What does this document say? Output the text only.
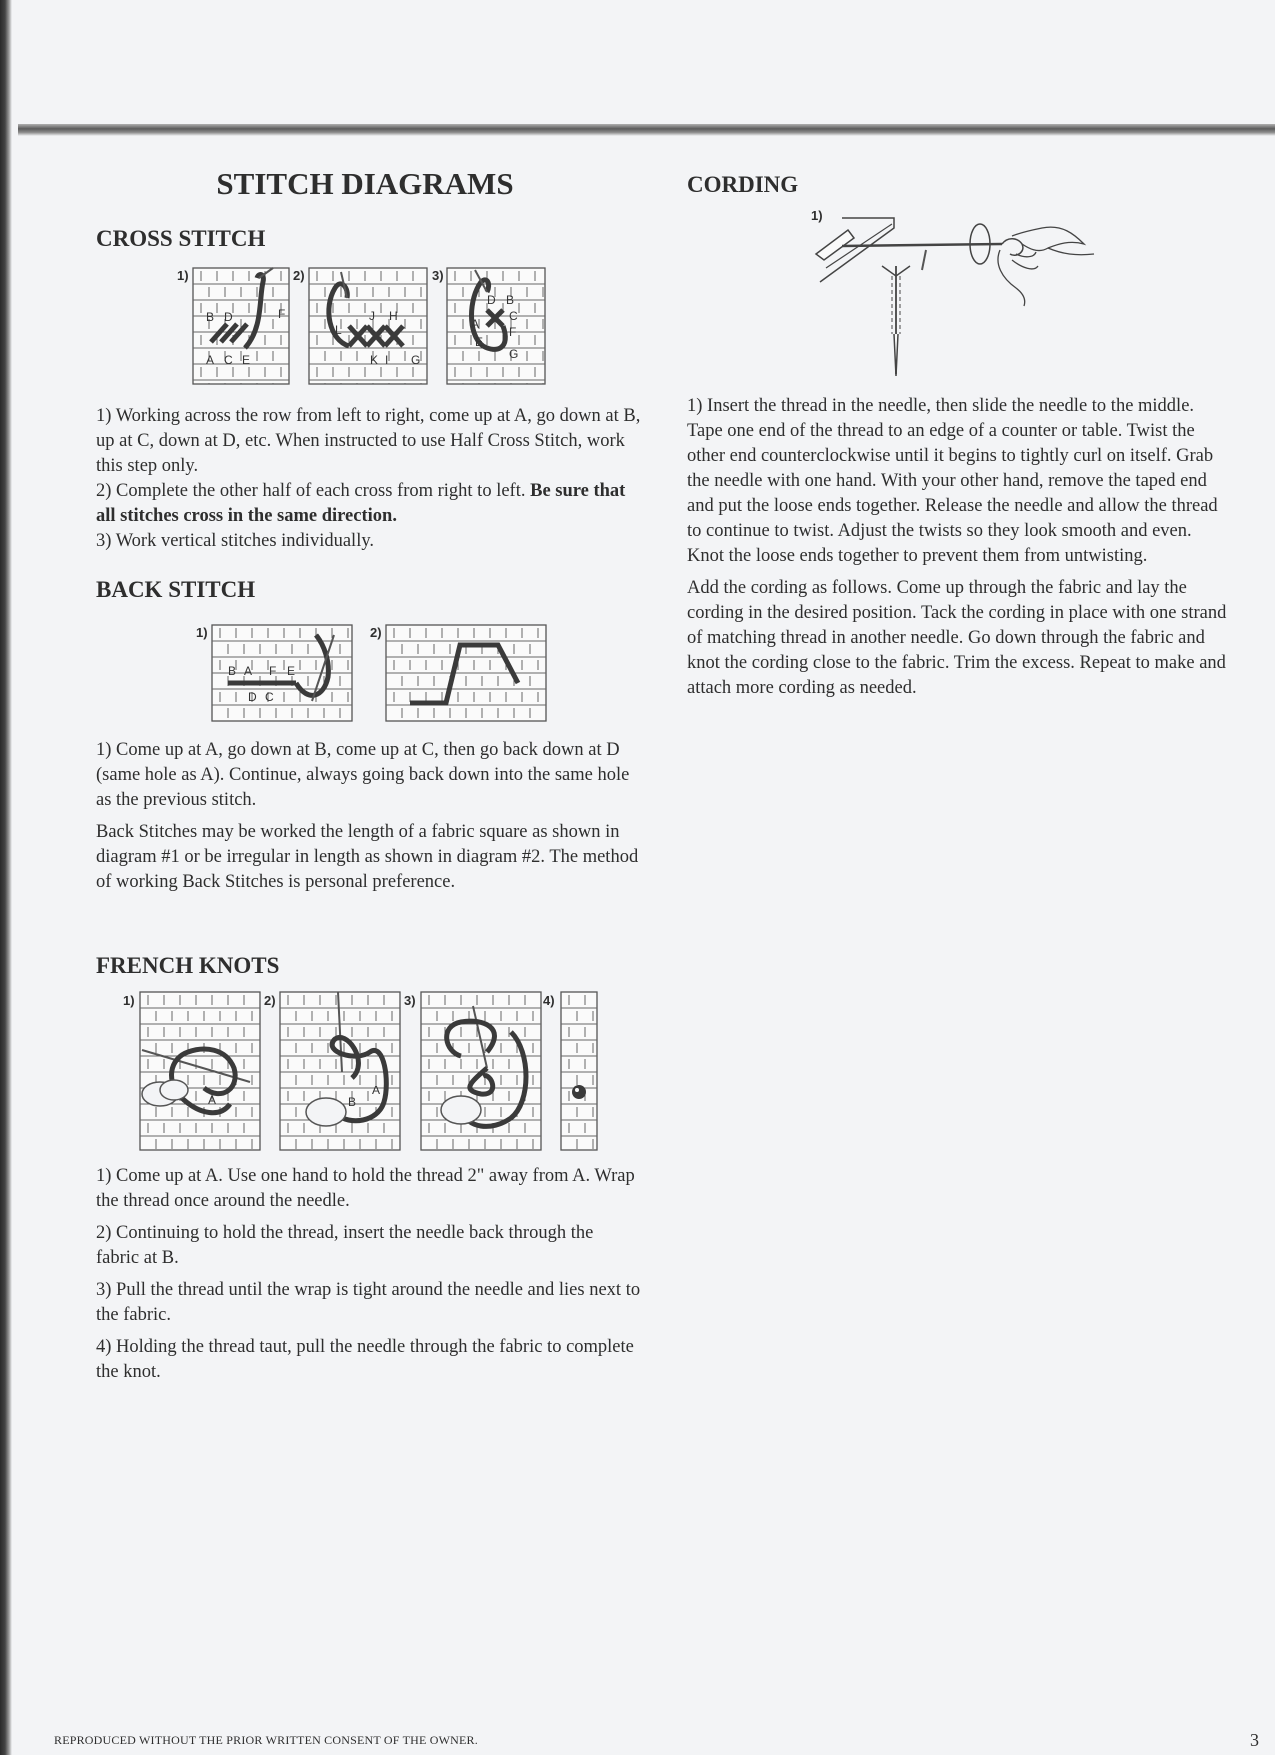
STITCH DIAGRAMS
CROSS STITCH
1)	2)	3)
B D	F
A C E
J H
L
K I G
D B
C
A
F
E
G

1) Working across the row from left to right, come up at A, go down at B, up at C, down at D, etc. When instructed to use Half Cross Stitch, work this step only.

2) Complete the other half of each cross from right to left. Be sure that all stitches cross in the same direction.

3) Work vertical stitches individually.

BACK STITCH
1)	2)
B A F E
D C

1) Come up at A, go down at B, come up at C, then go back down at D (same hole as A). Continue, always going back down into the same hole as the previous stitch.

Back Stitches may be worked the length of a fabric square as shown in diagram #1 or be irregular in length as shown in diagram #2. The method of working Back Stitches is personal preference.

FRENCH KNOTS
1)	2)	3)	4)
A
A
B

1) Come up at A. Use one hand to hold the thread 2" away from A. Wrap the thread once around the needle.

2) Continuing to hold the thread, insert the needle back through the fabric at B.

3) Pull the thread until the wrap is tight around the needle and lies next to the fabric.

4) Holding the thread taut, pull the needle through the fabric to complete the knot.

CORDING
1)

1) Insert the thread in the needle, then slide the needle to the middle. Tape one end of the thread to an edge of a counter or table. Twist the other end counterclockwise until it begins to tightly curl on itself. Grab the needle with one hand. With your other hand, remove the taped end and put the loose ends together. Release the needle and allow the thread to continue to twist. Adjust the twists so they look smooth and even. Knot the loose ends together to prevent them from untwisting.

Add the cording as follows. Come up through the fabric and lay the cording in the desired position. Tack the cording in place with one strand of matching thread in another needle. Go down through the fabric and knot the cording close to the fabric. Trim the excess. Repeat to make and attach more cording as needed.

REPRODUCED WITHOUT THE PRIOR WRITTEN CONSENT OF THE OWNER.	3
